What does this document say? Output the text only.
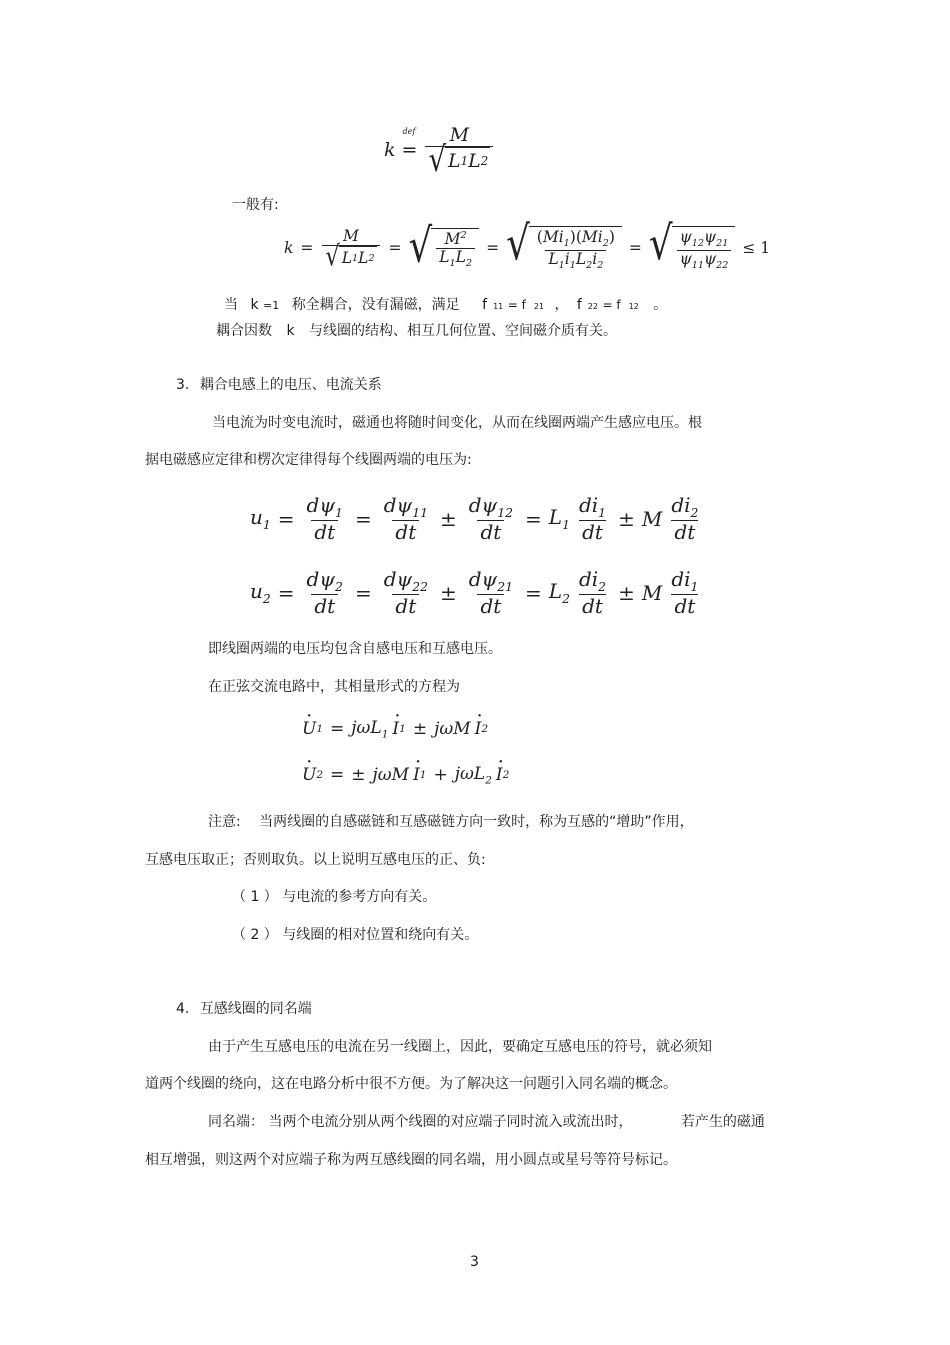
k =
def $\frac{M}{√ L 1 L 2}$
一般有:
$k = \frac{M}{√ L 1 L 2}$ = √ $\frac{M^2}{L_1L_2}$ = √ $\frac{(Mi_1)(Mi_2)}{L_1i_1L_2i_2}$ = √ $\frac{\psi_{12}\psi_{21}}{\psi_{11}\psi_{22}} \le 1$
当 k =1 称全耦合，没有漏磁，满足 f 11 = f 21 ， f 22 = f 12 。
耦合因数 k 与线圈的结构、相互几何位置、空间磁介质有关。
3. 耦合电感上的电压、电流关系
当电流为时变电流时，磁通也将随时间变化，从而在线圈两端产生感应电压。根
据电磁感应定律和楞次定律得每个线圈两端的电压为:
$u_1 = \frac{d\psi_1}{dt} = \frac{d\psi_{11}}{dt} \pm \frac{d\psi_{12}}{dt} = L_1 \frac{di_1}{dt} \pm M \frac{di_2}{dt}$
$u_2 = \frac{d\psi_2}{dt} = \frac{d\psi_{22}}{dt} \pm \frac{d\psi_{21}}{dt} = L_2 \frac{di_2}{dt} \pm M \frac{di_1}{dt}$
即线圈两端的电压均包含自感电压和互感电压。
在正弦交流电路中，其相量形式的方程为
· U 1 = jωL$_1$ · I 1 ± jωM · I 2
· U 2 = ± jωM · I 1 + jωL$_2$ · I 2
注意: 当两线圈的自感磁链和互感磁链方向一致时，称为互感的“增助”作用，
互感电压取正；否则取负。以上说明互感电压的正、负:
（ 1 ） 与电流的参考方向有关。
（ 2 ） 与线圈的相对位置和绕向有关。
4. 互感线圈的同名端
由于产生互感电压的电流在另一线圈上，因此，要确定互感电压的符号，就必须知
道两个线圈的绕向，这在电路分析中很不方便。为了解决这一问题引入同名端的概念。
同名端： 当两个电流分别从两个线圈的对应端子同时流入或流出时，	若产生的磁通
相互增强，则这两个对应端子称为两互感线圈的同名端，用小圆点或星号等符号标记。
3
